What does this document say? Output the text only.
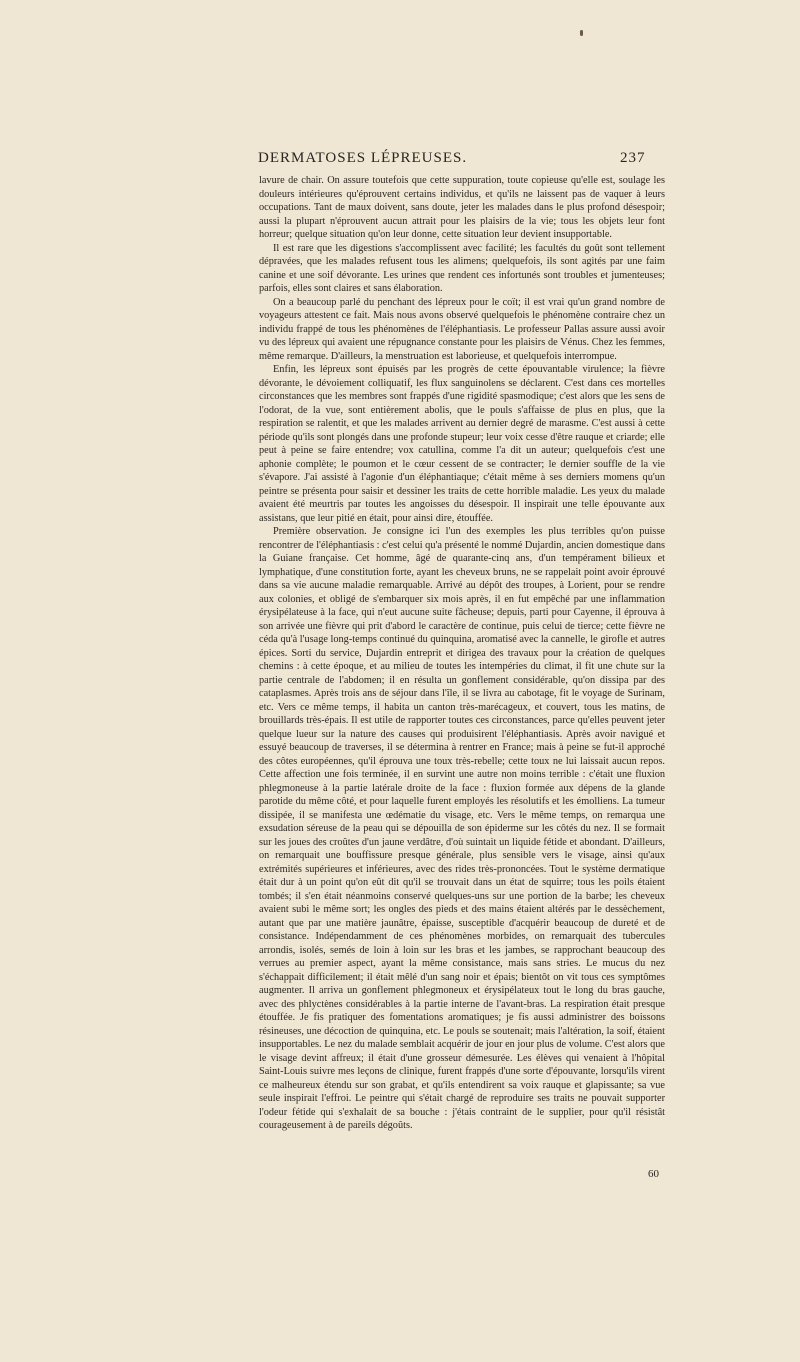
DERMATOSES LÉPREUSES.	237

lavure de chair. On assure toutefois que cette suppuration, toute copieuse qu'elle est, soulage les douleurs intérieures qu'éprouvent certains individus, et qu'ils ne laissent pas de vaquer à leurs occupations. Tant de maux doivent, sans doute, jeter les malades dans le plus profond désespoir; aussi la plupart n'éprouvent aucun attrait pour les plaisirs de la vie; tous les objets leur font horreur; quelque situation qu'on leur donne, cette situation leur devient insupportable.

Il est rare que les digestions s'accomplissent avec facilité; les facultés du goût sont tellement dépravées, que les malades refusent tous les alimens; quelquefois, ils sont agités par une faim canine et une soif dévorante. Les urines que rendent ces infortunés sont troubles et jumenteuses; parfois, elles sont claires et sans élaboration.

On a beaucoup parlé du penchant des lépreux pour le coït; il est vrai qu'un grand nombre de voyageurs attestent ce fait. Mais nous avons observé quelquefois le phénomène contraire chez un individu frappé de tous les phénomènes de l'éléphantiasis. Le professeur Pallas assure aussi avoir vu des lépreux qui avaient une répugnance constante pour les plaisirs de Vénus. Chez les femmes, même remarque. D'ailleurs, la menstruation est laborieuse, et quelquefois interrompue.

Enfin, les lépreux sont épuisés par les progrès de cette épouvantable virulence; la fièvre dévorante, le dévoiement colliquatif, les flux sanguinolens se déclarent. C'est dans ces mortelles circonstances que les membres sont frappés d'une rigidité spasmodique; c'est alors que les sens de l'odorat, de la vue, sont entièrement abolis, que le pouls s'affaisse de plus en plus, que la respiration se ralentit, et que les malades arrivent au dernier degré de marasme. C'est aussi à cette période qu'ils sont plongés dans une profonde stupeur; leur voix cesse d'être rauque et criarde; elle peut à peine se faire entendre; vox catullina, comme l'a dit un auteur; quelquefois c'est une aphonie complète; le poumon et le cœur cessent de se contracter; le dernier souffle de la vie s'évapore. J'ai assisté à l'agonie d'un éléphantiaque; c'était même à ses derniers momens qu'un peintre se présenta pour saisir et dessiner les traits de cette horrible maladie. Les yeux du malade avaient été meurtris par toutes les angoisses du désespoir. Il inspirait une telle épouvante aux assistans, que leur pitié en était, pour ainsi dire, étouffée.

Première observation. Je consigne ici l'un des exemples les plus terribles qu'on puisse rencontrer de l'éléphantiasis : c'est celui qu'a présenté le nommé Dujardin, ancien domestique dans la Guiane française. Cet homme, âgé de quarante-cinq ans, d'un tempérament bilieux et lymphatique, d'une constitution forte, ayant les cheveux bruns, ne se rappelait point avoir éprouvé dans sa vie aucune maladie remarquable. Arrivé au dépôt des troupes, à Lorient, pour se rendre aux colonies, et obligé de s'embarquer six mois après, il en fut empêché par une inflammation érysipélateuse à la face, qui n'eut aucune suite fâcheuse; depuis, parti pour Cayenne, il éprouva à son arrivée une fièvre qui prit d'abord le caractère de continue, puis celui de tierce; cette fièvre ne céda qu'à l'usage long-temps continué du quinquina, aromatisé avec la cannelle, le girofle et autres épices. Sorti du service, Dujardin entreprit et dirigea des travaux pour la création de quelques chemins : à cette époque, et au milieu de toutes les intempéries du climat, il fit une chute sur la partie centrale de l'abdomen; il en résulta un gonflement considérable, qu'on dissipa par des cataplasmes. Après trois ans de séjour dans l'île, il se livra au cabotage, fit le voyage de Surinam, etc. Vers ce même temps, il habita un canton très-marécageux, et couvert, tous les matins, de brouillards très-épais. Il est utile de rapporter toutes ces circonstances, parce qu'elles peuvent jeter quelque lueur sur la nature des causes qui produisirent l'éléphantiasis. Après avoir navigué et essuyé beaucoup de traverses, il se détermina à rentrer en France; mais à peine se fut-il approché des côtes européennes, qu'il éprouva une toux très-rebelle; cette toux ne lui laissait aucun repos. Cette affection une fois terminée, il en survint une autre non moins terrible : c'était une fluxion phlegmoneuse à la partie latérale droite de la face : fluxion formée aux dépens de la glande parotide du même côté, et pour laquelle furent employés les résolutifs et les émolliens. La tumeur dissipée, il se manifesta une œdématie du visage, etc. Vers le même temps, on remarqua une exsudation séreuse de la peau qui se dépouilla de son épiderme sur les côtés du nez. Il se formait sur les joues des croûtes d'un jaune verdâtre, d'où suintait un liquide fétide et abondant. D'ailleurs, on remarquait une bouffissure presque générale, plus sensible vers le visage, ainsi qu'aux extrémités supérieures et inférieures, avec des rides très-prononcées. Tout le système dermatique était dur à un point qu'on eût dit qu'il se trouvait dans un état de squirre; tous les poils étaient tombés; il s'en était néanmoins conservé quelques-uns sur une portion de la barbe; les cheveux avaient subi le même sort; les ongles des pieds et des mains étaient altérés par le dessèchement, autant que par une matière jaunâtre, épaisse, susceptible d'acquérir beaucoup de dureté et de consistance. Indépendamment de ces phénomènes morbides, on remarquait des tubercules arrondis, isolés, semés de loin à loin sur les bras et les jambes, se rapprochant beaucoup des verrues au premier aspect, ayant la même consistance, mais sans stries. Le mucus du nez s'échappait difficilement; il était mêlé d'un sang noir et épais; bientôt on vit tous ces symptômes augmenter. Il arriva un gonflement phlegmoneux et érysipélateux tout le long du bras gauche, avec des phlyctènes considérables à la partie interne de l'avant-bras. La respiration était presque étouffée. Je fis pratiquer des fomentations aromatiques; je fis aussi administrer des boissons résineuses, une décoction de quinquina, etc. Le pouls se soutenait; mais l'altération, la soif, étaient insupportables. Le nez du malade semblait acquérir de jour en jour plus de volume. C'est alors que le visage devint affreux; il était d'une grosseur démesurée. Les élèves qui venaient à l'hôpital Saint-Louis suivre mes leçons de clinique, furent frappés d'une sorte d'épouvante, lorsqu'ils virent ce malheureux étendu sur son grabat, et qu'ils entendirent sa voix rauque et glapissante; sa vue seule inspirait l'effroi. Le peintre qui s'était chargé de reproduire ses traits ne pouvait supporter l'odeur fétide qui s'exhalait de sa bouche : j'étais contraint de le supplier, pour qu'il résistât courageusement à de pareils dégoûts.

60
